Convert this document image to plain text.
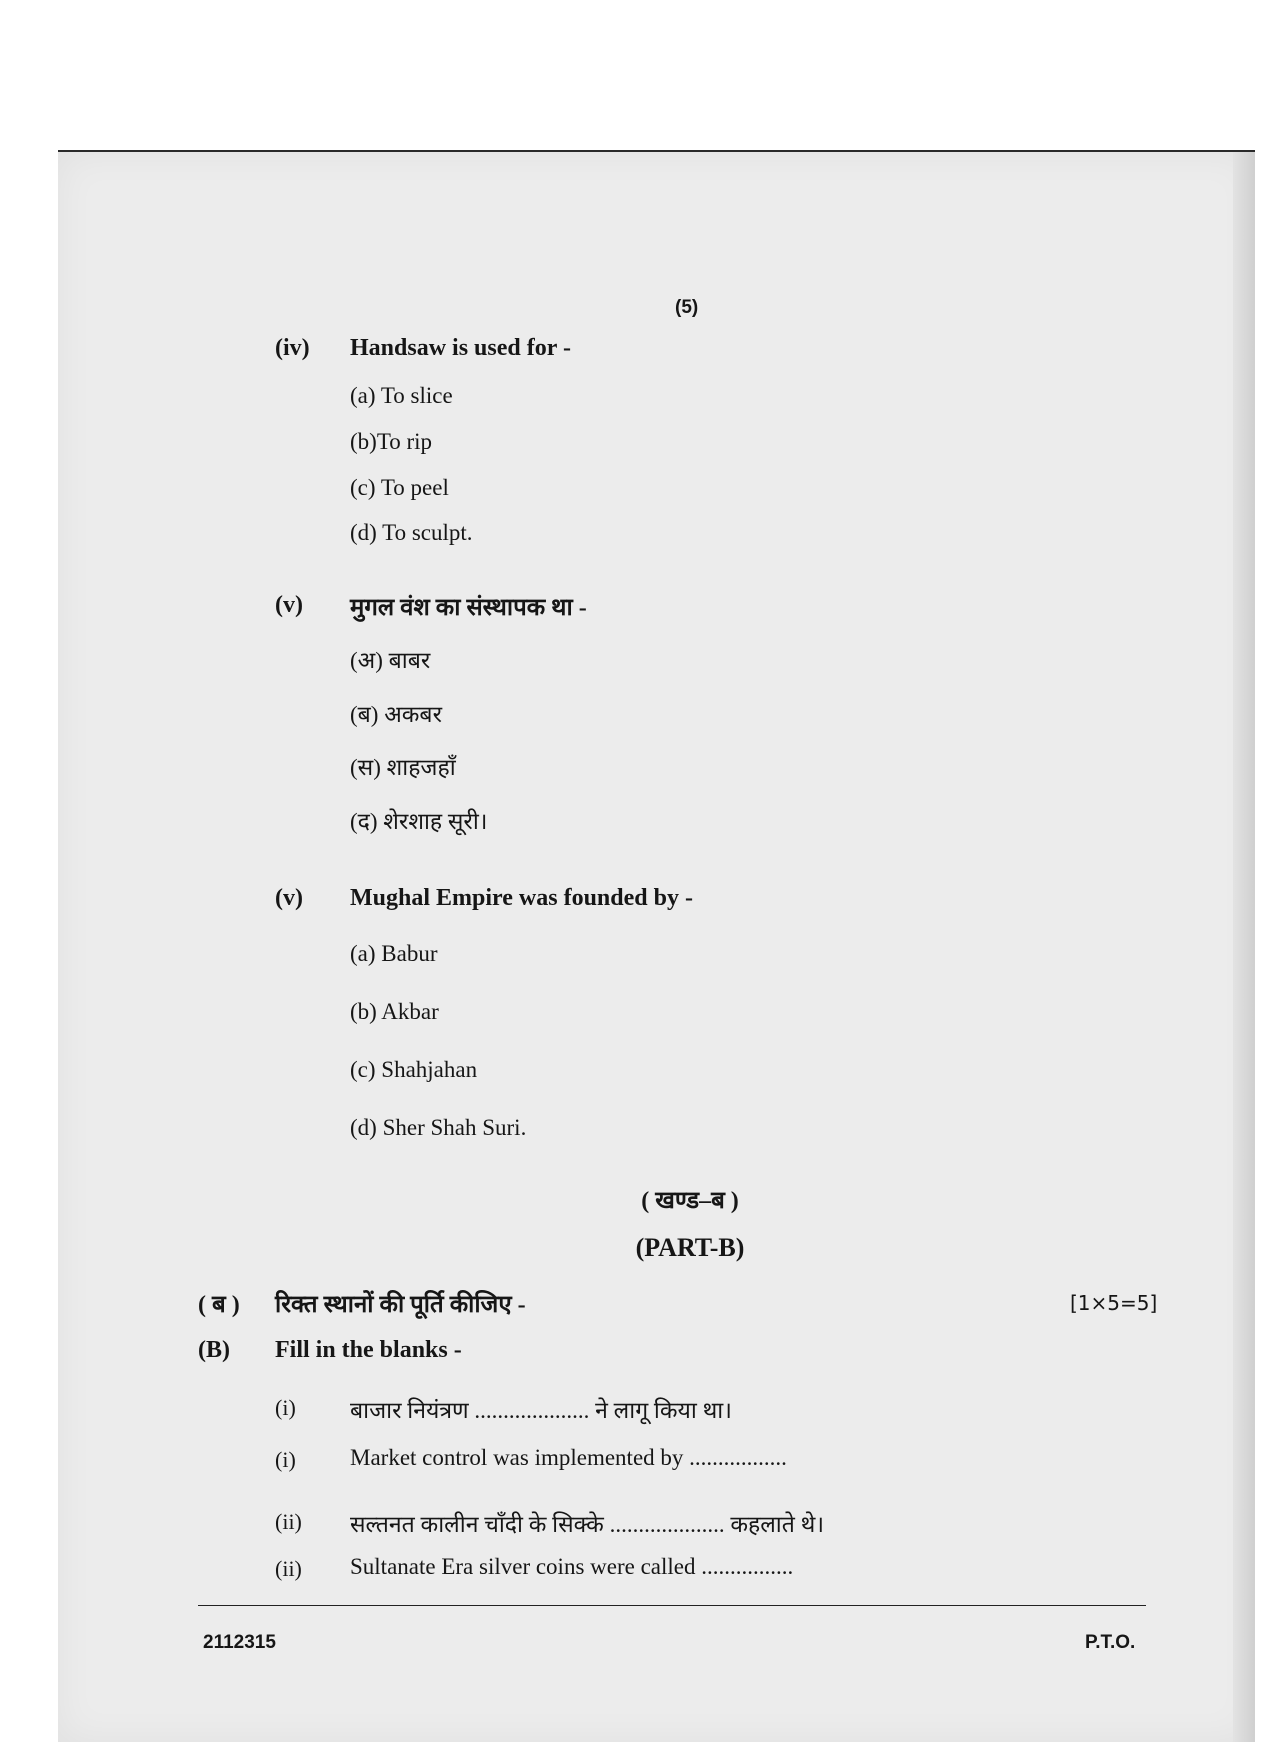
(5)
(iv) Handsaw is used for -
(a) To slice
(b)To rip
(c) To peel
(d) To sculpt.
(v) मुगल वंश का संस्थापक था -
(अ) बाबर
(ब) अकबर
(स) शाहजहाँ
(द) शेरशाह सूरी।
(v) Mughal Empire was founded by -
(a) Babur
(b) Akbar
(c) Shahjahan
(d) Sher Shah Suri.
( खण्ड–ब )
(PART-B)
( ब ) रिक्त स्थानों की पूर्ति कीजिए -	[1×5=5]
(B) Fill in the blanks -
(i) बाजार नियंत्रण .................... ने लागू किया था।
(i) Market control was implemented by .................
(ii) सल्तनत कालीन चाँदी के सिक्के .................... कहलाते थे।
(ii) Sultanate Era silver coins were called ................
2112315	P.T.O.
